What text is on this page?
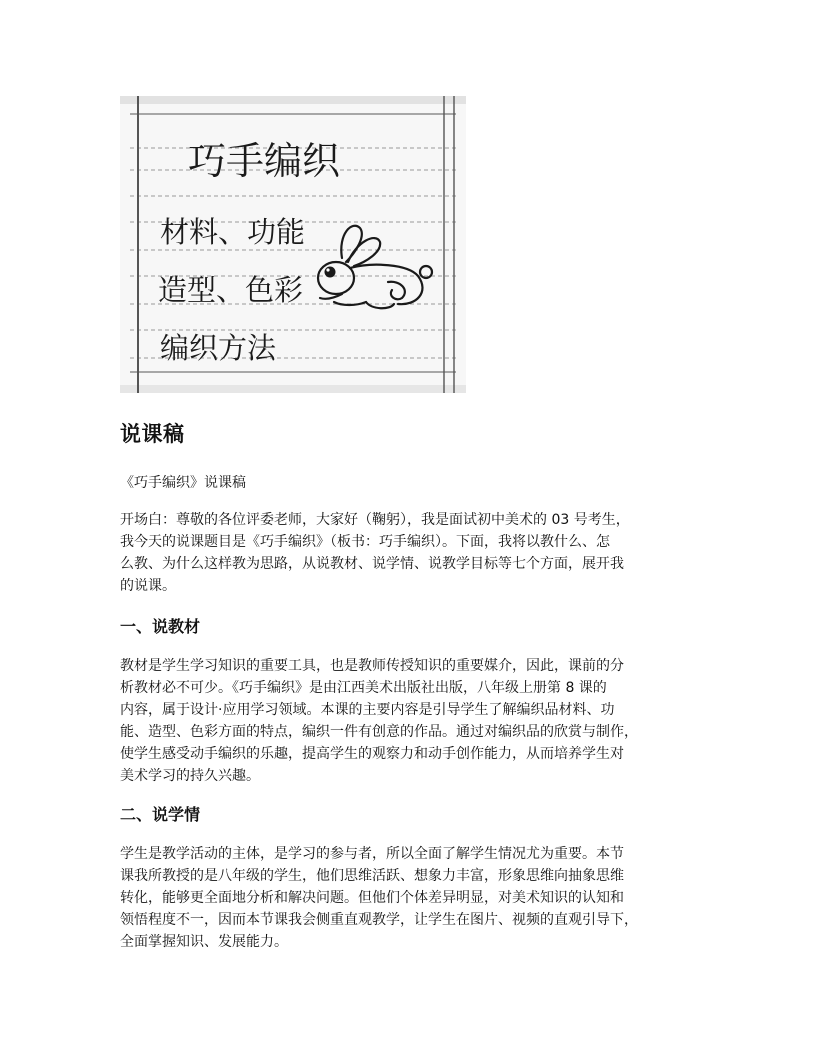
巧手编织
材料、功能
造型、色彩
编织方法
说课稿
《巧手编织》说课稿
开场白：尊敬的各位评委老师，大家好（鞠躬），我是面试初中美术的 03 号考生，
我今天的说课题目是《巧手编织》（板书：巧手编织）。下面，我将以教什么、怎
么教、为什么这样教为思路，从说教材、说学情、说教学目标等七个方面，展开我
的说课。
一、说教材
教材是学生学习知识的重要工具，也是教师传授知识的重要媒介，因此，课前的分
析教材必不可少。《巧手编织》是由江西美术出版社出版，八年级上册第 8 课的
内容，属于设计·应用学习领域。本课的主要内容是引导学生了解编织品材料、功
能、造型、色彩方面的特点，编织一件有创意的作品。通过对编织品的欣赏与制作，
使学生感受动手编织的乐趣，提高学生的观察力和动手创作能力，从而培养学生对
美术学习的持久兴趣。
二、说学情
学生是教学活动的主体，是学习的参与者，所以全面了解学生情况尤为重要。本节
课我所教授的是八年级的学生，他们思维活跃、想象力丰富，形象思维向抽象思维
转化，能够更全面地分析和解决问题。但他们个体差异明显，对美术知识的认知和
领悟程度不一，因而本节课我会侧重直观教学，让学生在图片、视频的直观引导下，
全面掌握知识、发展能力。
